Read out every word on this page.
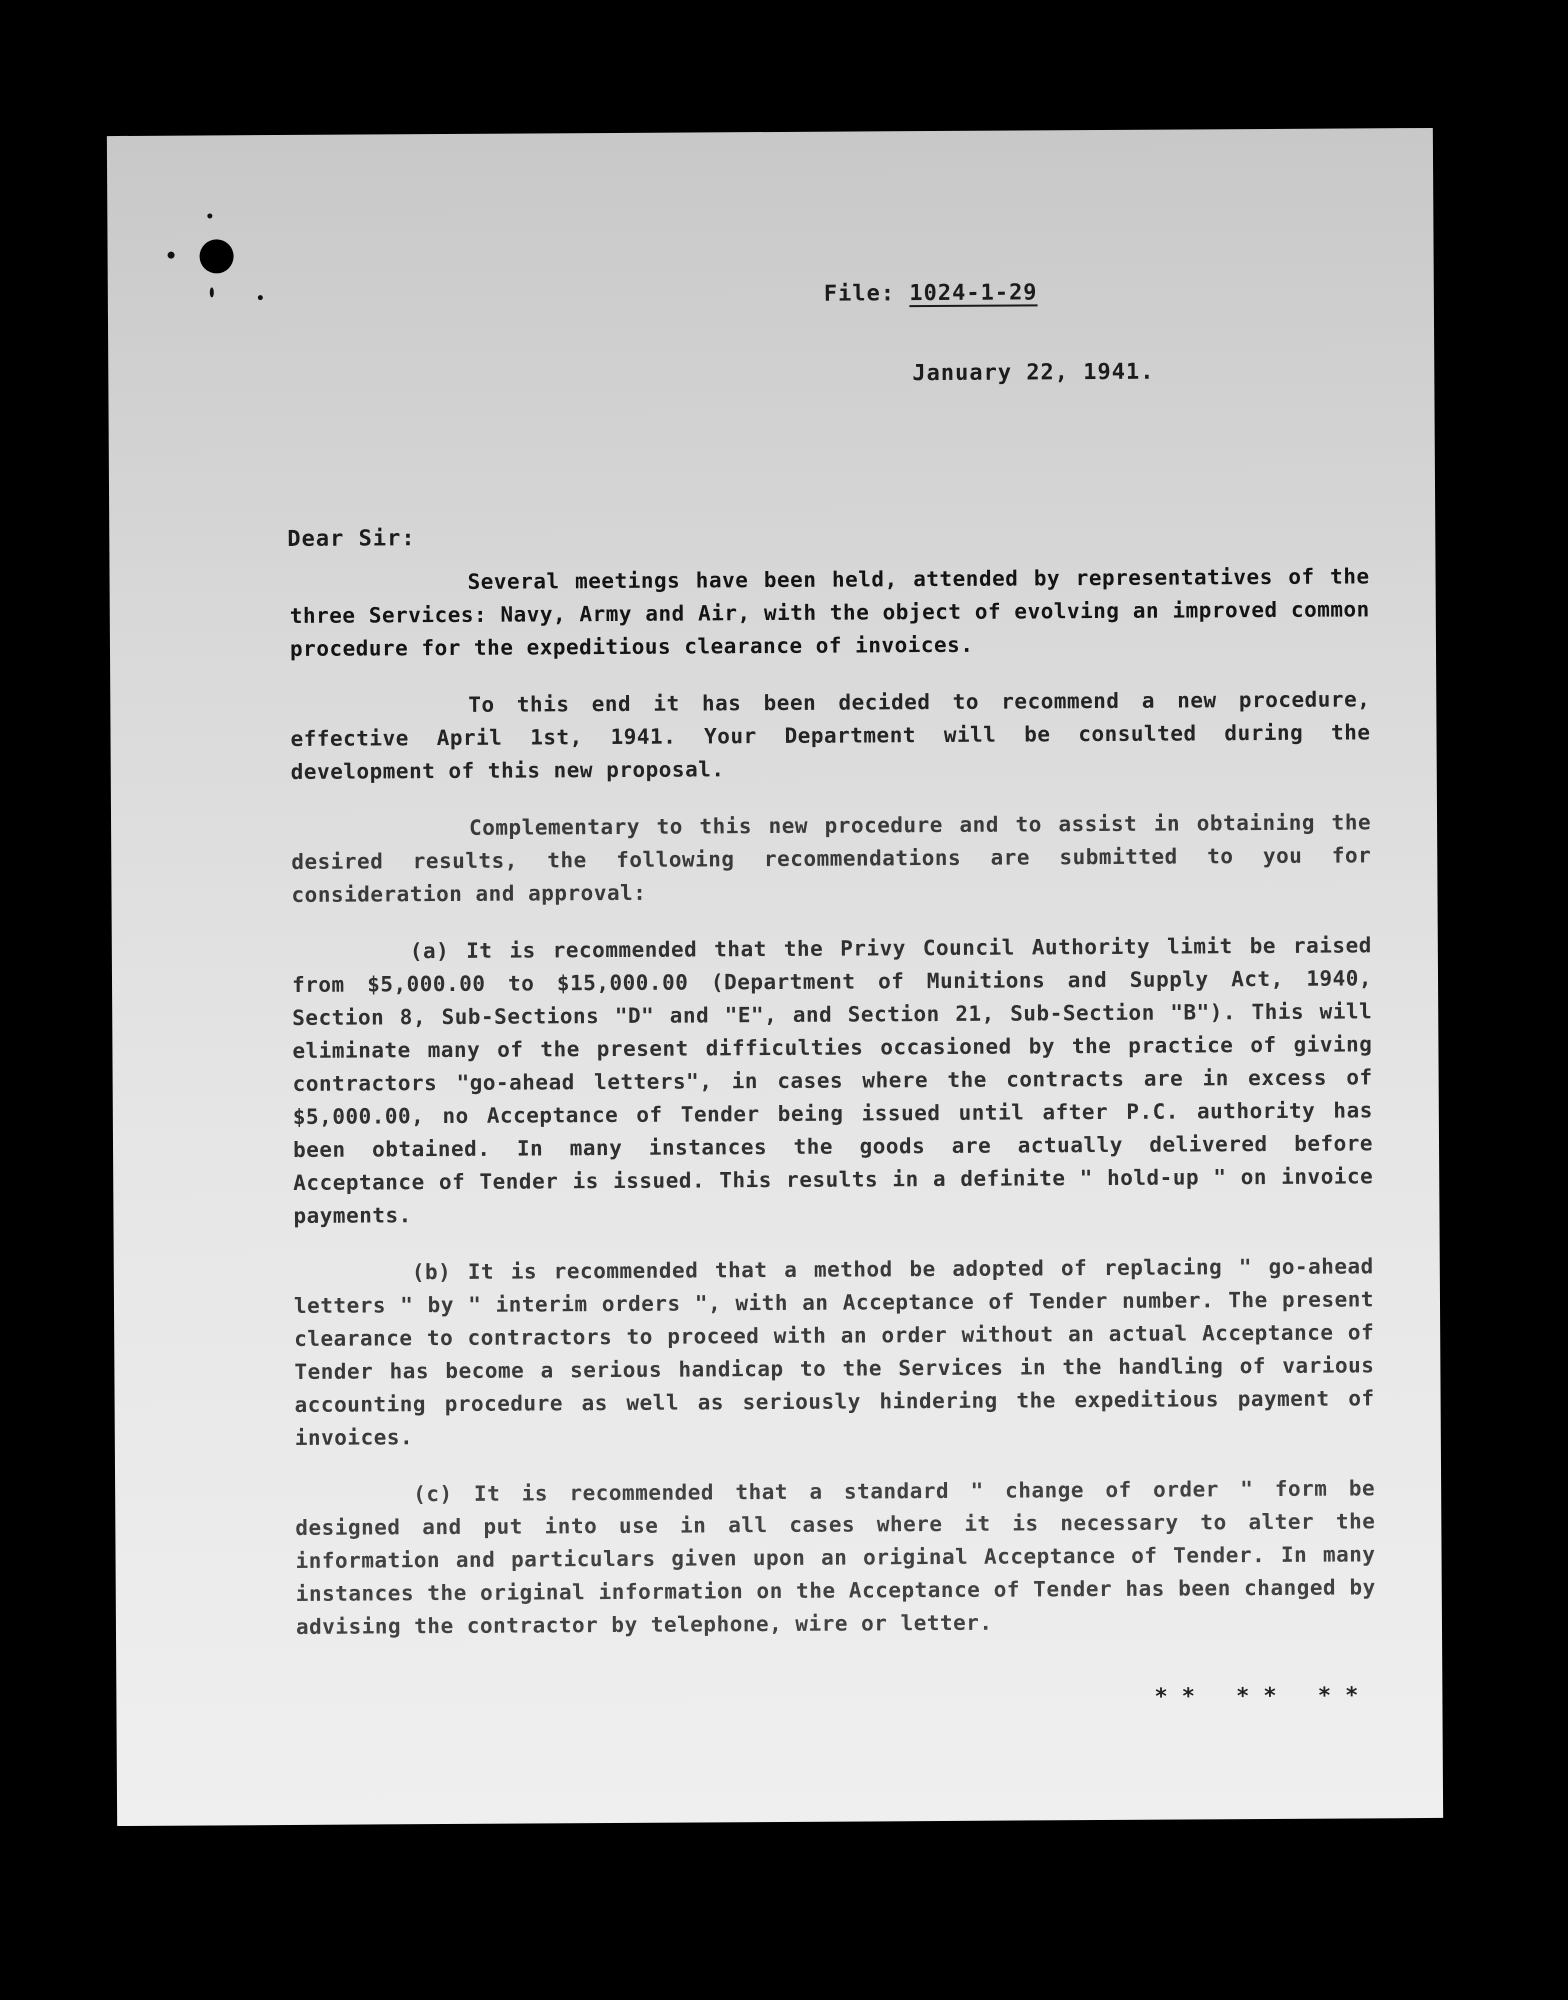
File: 1024-1-29
January 22, 1941.
Dear Sir:

Several meetings have been held, attended by representatives of the three Services: Navy, Army and Air, with the object of evolving an improved common procedure for the expeditious clearance of invoices.

To this end it has been decided to recommend a new procedure, effective April 1st, 1941. Your Department will be consulted during the development of this new proposal.

Complementary to this new procedure and to assist in obtaining the desired results, the following recommendations are submitted to you for consideration and approval:

(a) It is recommended that the Privy Council Authority limit be raised from $5,000.00 to $15,000.00 (Department of Munitions and Supply Act, 1940, Section 8, Sub-Sections "D" and "E", and Section 21, Sub-Section "B"). This will eliminate many of the present difficulties occasioned by the practice of giving contractors "go-ahead letters", in cases where the contracts are in excess of $5,000.00, no Acceptance of Tender being issued until after P.C. authority has been obtained. In many instances the goods are actually delivered before Acceptance of Tender is issued. This results in a definite " hold-up " on invoice payments.

(b) It is recommended that a method be adopted of replacing " go-ahead letters " by " interim orders ", with an Acceptance of Tender number. The present clearance to contractors to proceed with an order without an actual Acceptance of Tender has become a serious handicap to the Services in the handling of various accounting procedure as well as seriously hindering the expeditious payment of invoices.

(c) It is recommended that a standard " change of order " form be designed and put into use in all cases where it is necessary to alter the information and particulars given upon an original Acceptance of Tender. In many instances the original information on the Acceptance of Tender has been changed by advising the contractor by telephone, wire or letter.

** ** **
